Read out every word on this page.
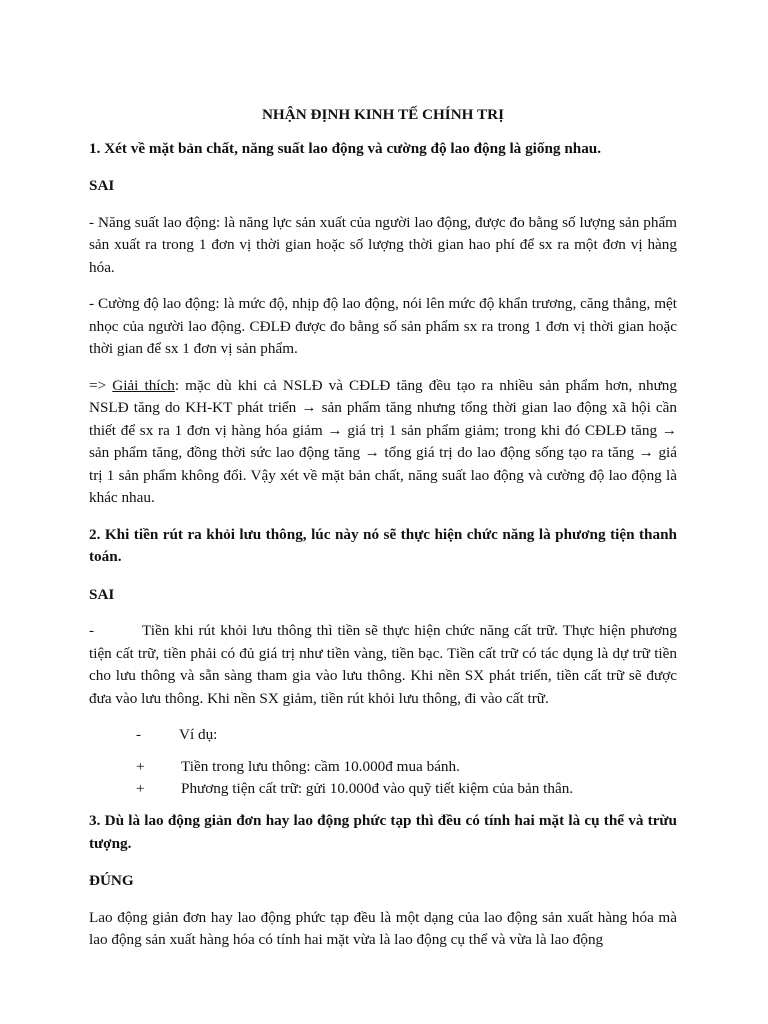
NHẬN ĐỊNH KINH TẾ CHÍNH TRỊ
1. Xét về mặt bản chất, năng suất lao động và cường độ lao động là giống nhau.
SAI

- Năng suất lao động: là năng lực sản xuất của người lao động, được đo bằng số lượng sản phẩm sản xuất ra trong 1 đơn vị thời gian hoặc số lượng thời gian hao phí để sx ra một đơn vị hàng hóa.

- Cường độ lao động: là mức độ, nhịp độ lao động, nói lên mức độ khẩn trương, căng thẳng, mệt nhọc của người lao động. CĐLĐ được đo bằng số sản phẩm sx ra trong 1 đơn vị thời gian hoặc thời gian để sx 1 đơn vị sản phẩm.

=> Giải thích: mặc dù khi cả NSLĐ và CĐLĐ tăng đều tạo ra nhiều sản phẩm hơn, nhưng NSLĐ tăng do KH-KT phát triển → sản phẩm tăng nhưng tổng thời gian lao động xã hội cần thiết để sx ra 1 đơn vị hàng hóa giảm → giá trị 1 sản phẩm giảm; trong khi đó CĐLĐ tăng → sản phẩm tăng, đồng thời sức lao động tăng → tổng giá trị do lao động sống tạo ra tăng → giá trị 1 sản phẩm không đổi. Vậy xét về mặt bản chất, năng suất lao động và cường độ lao động là khác nhau.

2. Khi tiền rút ra khỏi lưu thông, lúc này nó sẽ thực hiện chức năng là phương tiện thanh toán.
SAI

-	Tiền khi rút khỏi lưu thông thì tiền sẽ thực hiện chức năng cất trữ. Thực hiện phương tiện cất trữ, tiền phải có đủ giá trị như tiền vàng, tiền bạc. Tiền cất trữ có tác dụng là dự trữ tiền cho lưu thông và sẵn sàng tham gia vào lưu thông. Khi nền SX phát triển, tiền cất trữ sẽ được đưa vào lưu thông. Khi nền SX giảm, tiền rút khỏi lưu thông, đi vào cất trữ.

-	Ví dụ:
+	Tiền trong lưu thông: cầm 10.000đ mua bánh.
+	Phương tiện cất trữ: gửi 10.000đ vào quỹ tiết kiệm của bản thân.
3. Dù là lao động giản đơn hay lao động phức tạp thì đều có tính hai mặt là cụ thể và trừu tượng.
ĐÚNG

Lao động giản đơn hay lao động phức tạp đều là một dạng của lao động sản xuất hàng hóa mà lao động sản xuất hàng hóa có tính hai mặt vừa là lao động cụ thể và vừa là lao động
